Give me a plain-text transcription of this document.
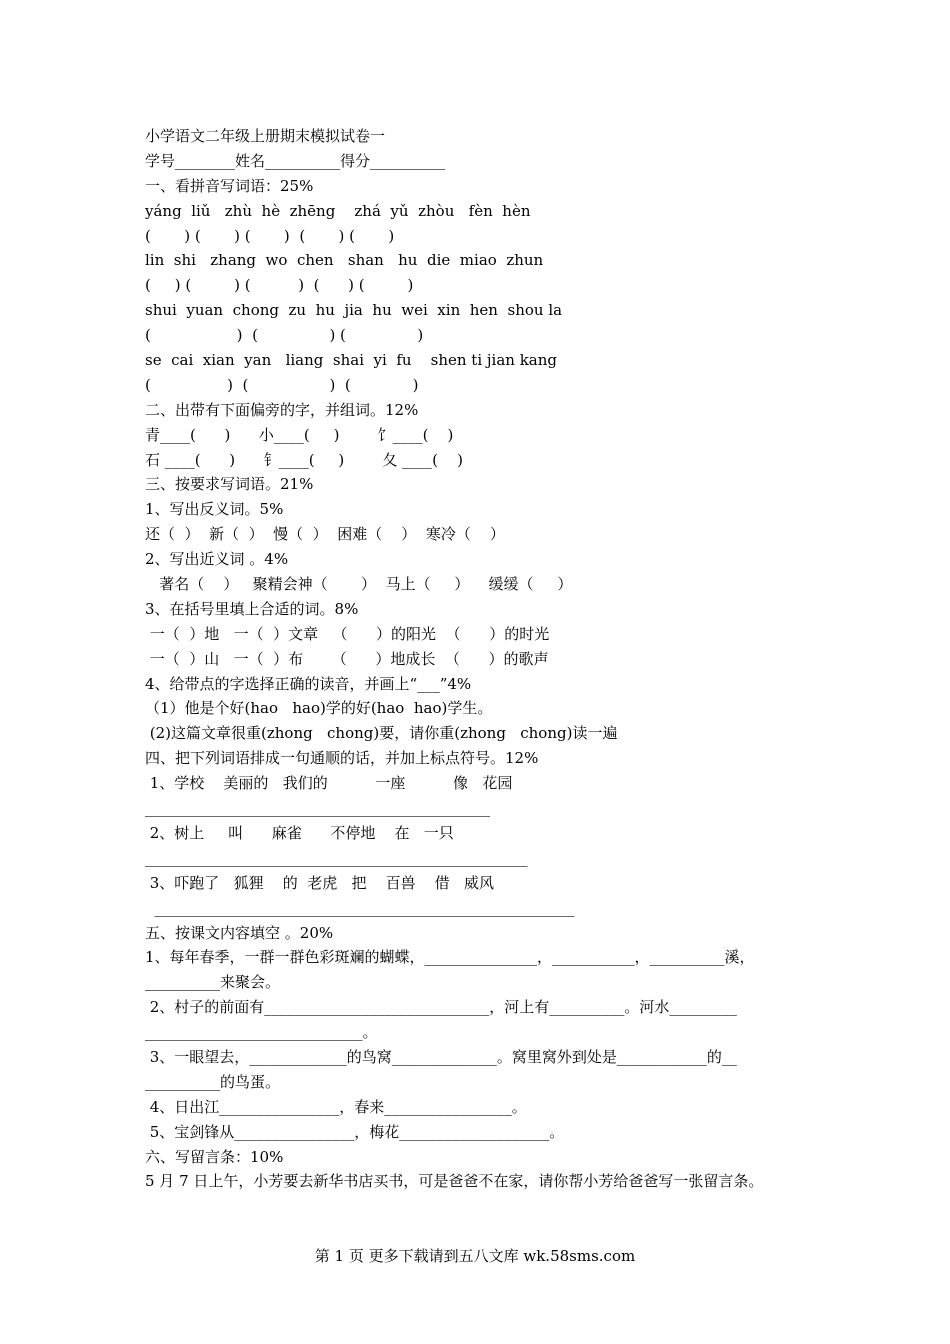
小学语文二年级上册期末模拟试卷一
学号________姓名__________得分__________
一、看拼音写词语：25%
yáng  liǔ   zhù  hè  zhēng    zhá  yǔ  zhòu   fèn  hèn
(       ) (       ) (       )  (       ) (       )
lin  shi   zhang  wo  chen   shan   hu  die  miao  zhun
(     ) (         ) (          )  (      ) (         )
shui  yuan  chong  zu  hu  jia  hu  wei  xin  hen  shou la
(                  )  (               ) (               )
se  cai  xian  yan   liang  shai  yi  fu    shen ti jian kang
(                )  (                 )  (             )
二、出带有下面偏旁的字，并组词。12%
青____(      )      小____(     )        饣____(    )
石 ____(      )      钅____(     )        夂 ____(    )
三、按要求写词语。21%
1、写出反义词。5%
还（  ）  新（  ）  慢（  ）  困难（    ）  寒冷（    ）
2、写出近义词 。4%
著名（    ）   聚精会神（       ）  马上（     ）    缓缓（     ）
3、在括号里填上合适的词。8%
一（  ）地   一（  ）文章   （      ）的阳光  （      ）的时光
一（  ）山   一（  ）布      （      ）地成长  （      ）的歌声
4、给带点的字选择正确的读音，并画上“___”4%
（1）他是个好(hao   hao)学的好(hao  hao)学生。
(2)这篇文章很重(zhong   chong)要，请你重(zhong   chong)读一遍
四、把下列词语排成一句通顺的话，并加上标点符号。12%
1、学校    美丽的   我们的          一座          像   花园
______________________________________________
2、树上     叫      麻雀      不停地    在   一只
___________________________________________________
3、吓跑了   狐狸    的  老虎   把    百兽    借   威风
________________________________________________________
五、按课文内容填空 。20%
1、每年春季，一群一群色彩斑斓的蝴蝶，_______________，___________，__________溪，__________来聚会。
2、村子的前面有______________________________，河上有__________。河水_________
_____________________________。
3、一眼望去，_____________的鸟窝______________。窝里窝外到处是____________的__
__________的鸟蛋。
4、日出江________________，春来_________________。
5、宝剑锋从________________，梅花____________________。
六、写留言条：10%
5 月 7 日上午，小芳要去新华书店买书，可是爸爸不在家，请你帮小芳给爸爸写一张留言条。
第 1 页 更多下载请到五八文库 wk.58sms.com
